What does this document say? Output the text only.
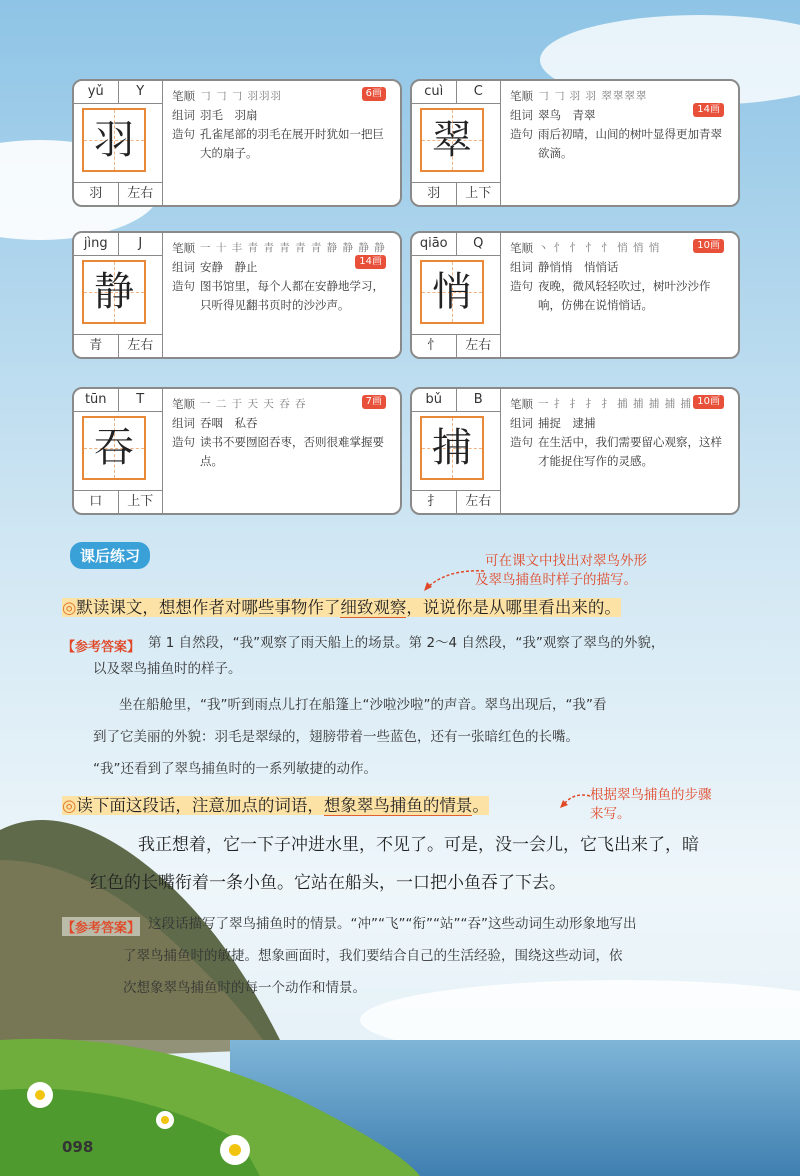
yǔ	Y
羽
羽	左右
笔顺 𠃌 𠃌 𠃌 羽羽羽	6画
组词 羽毛　羽扇
造句 孔雀尾部的羽毛在展开时犹如一把巨大的扇子。
cuì	C
翠
羽	上下
笔顺 𠃌 𠃌 羽 羽 翠翠翠翠
14画
组词 翠鸟　青翠
造句 雨后初晴，山间的树叶显得更加青翠欲滴。
jìng	J
静
青	左右
笔顺 一 十 丰 青 青 青 青 青 静 静 静 静
14画
组词 安静　静止
造句 图书馆里，每个人都在安静地学习，只听得见翻书页时的沙沙声。
qiāo	Q
悄
忄	左右
笔顺 丶 忄 忄 忄 忄 悄 悄 悄	10画
组词 静悄悄　悄悄话
造句 夜晚，微风轻轻吹过，树叶沙沙作响，仿佛在说悄悄话。
tūn	T
吞
口	上下
笔顺 一 二 于 天 天 吞 吞	7画
组词 吞咽　私吞
造句 读书不要囫囵吞枣，否则很难掌握要点。
bǔ	B
捕
扌	左右
笔顺 一 扌 扌 扌 扌 捕 捕 捕 捕 捕 10画
组词 捕捉　逮捕
造句 在生活中，我们需要留心观察，这样才能捉住写作的灵感。
课后练习	可在课文中找出对翠鸟外形
及翠鸟捕鱼时样子的描写。
◎默读课文，想想作者对哪些事物作了细致观察，说说你是从哪里看出来的。
【参考答案】 第 1 自然段，“我”观察了雨天船上的场景。第 2～4 自然段，“我”观察了翠鸟的外貌，
以及翠鸟捕鱼时的样子。
坐在船舱里，“我”听到雨点儿打在船篷上“沙啦沙啦”的声音。翠鸟出现后，“我”看
到了它美丽的外貌：羽毛是翠绿的，翅膀带着一些蓝色，还有一张暗红色的长嘴。
“我”还看到了翠鸟捕鱼时的一系列敏捷的动作。
◎读下面这段话，注意加点的词语，想象翠鸟捕鱼的情景。
根据翠鸟捕鱼的步骤
来写。
我正想着，它一下子冲进水里，不见了。可是，没一会儿，它飞出来了，暗
红色的长嘴衔着一条小鱼。它站在船头，一口把小鱼吞了下去。
【参考答案】 这段话描写了翠鸟捕鱼时的情景。“冲”“飞”“衔”“站”“吞”这些动词生动形象地写出
了翠鸟捕鱼时的敏捷。想象画面时，我们要结合自己的生活经验，围绕这些动词，依
次想象翠鸟捕鱼时的每一个动作和情景。
098
